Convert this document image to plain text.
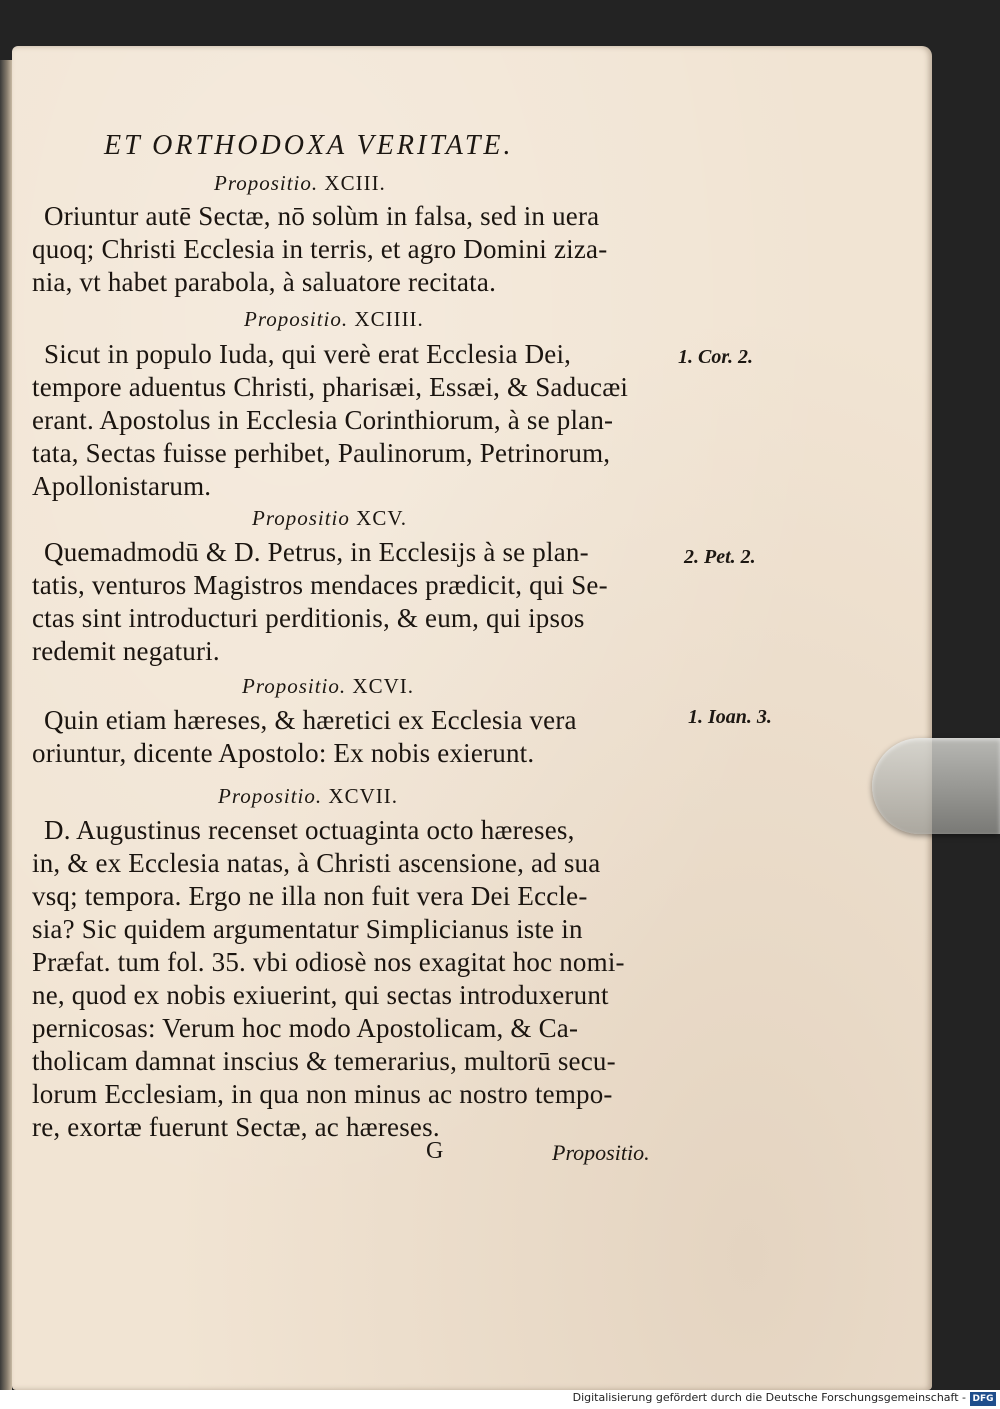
ET ORTHODOXA VERITATE.
Propositio. XCIII.
Oriuntur autē Sectæ, nō solùm in falsa, sed in uera
quoq; Christi Ecclesia in terris, et agro Domini ziza-
nia, vt habet parabola, à saluatore recitata.
Propositio. XCIIII.
Sicut in populo Iuda, qui verè erat Ecclesia Dei,
tempore aduentus Christi, pharisæi, Essæi, & Saducæi
erant. Apostolus in Ecclesia Corinthiorum, à se plan-
tata, Sectas fuisse perhibet, Paulinorum, Petrinorum,
Apollonistarum.
Propositio XCV.
Quemadmodū & D. Petrus, in Ecclesijs à se plan-
tatis, venturos Magistros mendaces prædicit, qui Se-
ctas sint introducturi perditionis, & eum, qui ipsos
redemit negaturi.
Propositio. XCVI.
Quin etiam hæreses, & hæretici ex Ecclesia vera
oriuntur, dicente Apostolo: Ex nobis exierunt.
Propositio. XCVII.
D. Augustinus recenset octuaginta octo hæreses,
in, & ex Ecclesia natas, à Christi ascensione, ad sua
vsq; tempora. Ergo ne illa non fuit vera Dei Eccle-
sia? Sic quidem argumentatur Simplicianus iste in
Præfat. tum fol. 35. vbi odiosè nos exagitat hoc nomi-
ne, quod ex nobis exiuerint, qui sectas introduxerunt
pernicosas: Verum hoc modo Apostolicam, & Ca-
tholicam damnat inscius & temerarius, multorū secu-
lorum Ecclesiam, in qua non minus ac nostro tempo-
re, exortæ fuerunt Sectæ, ac hæreses.
1. Cor. 2.
2. Pet. 2.
1. Ioan. 3.
G	Propositio.
Digitalisierung gefördert durch die Deutsche Forschungsgemeinschaft - DFG
